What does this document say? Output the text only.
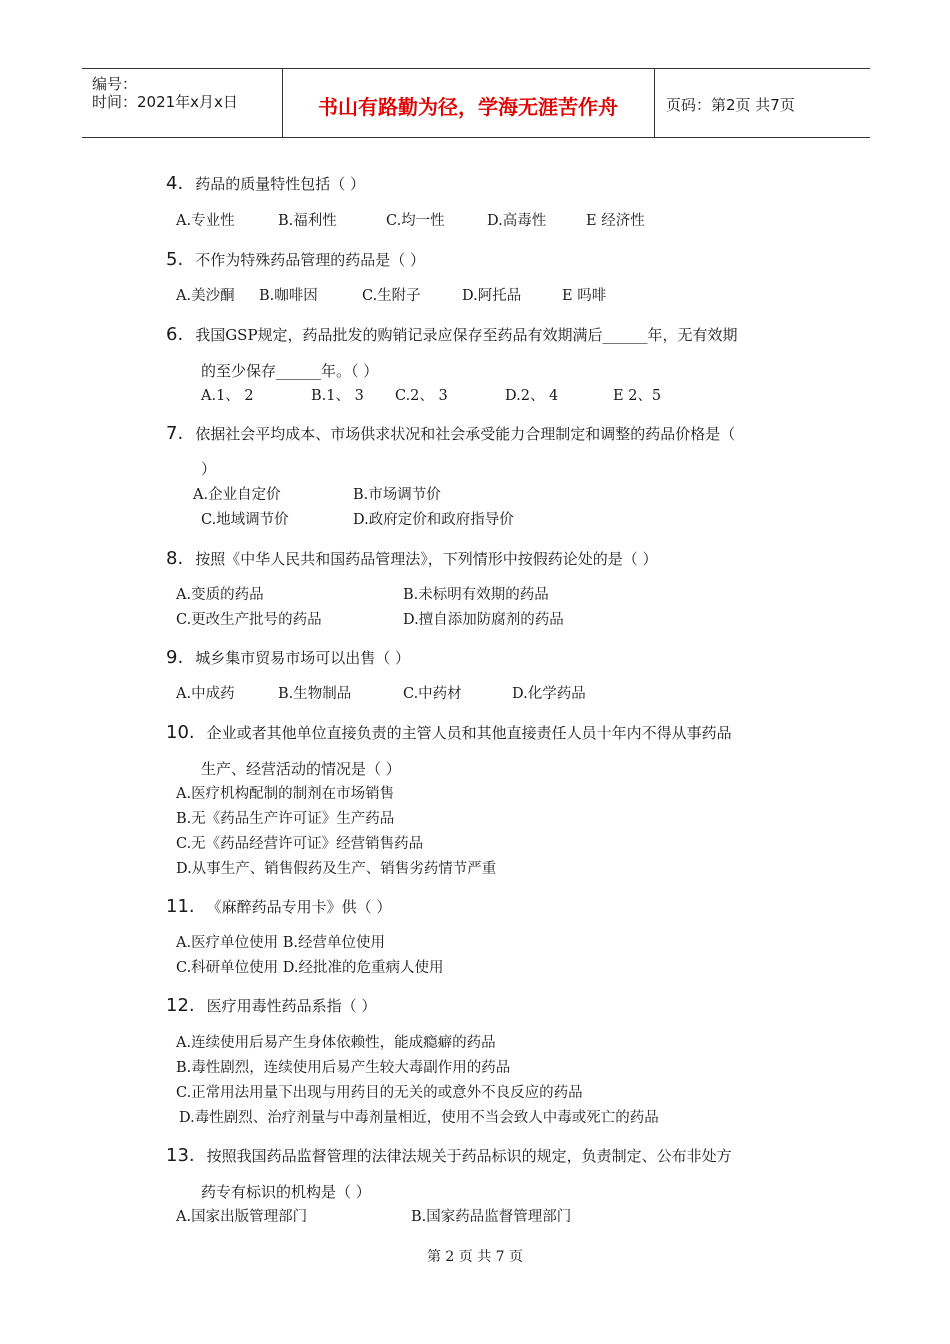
编号：
时间：2021年x月x日	书山有路勤为径，学海无涯苦作舟	页码：第2页 共7页
4. 药品的质量特性包括（ ）
A.专业性	B.福利性	C.均一性	D.高毒性	E 经济性
5. 不作为特殊药品管理的药品是（ ）
A.美沙酮 B.咖啡因	C.生附子	D.阿托品	E 吗啡
6. 我国GSP规定，药品批发的购销记录应保存至药品有效期满后______年，无有效期
的至少保存______年。（ ）
A.1、 2	B.1、 3 C.2、 3	D.2、 4	E 2、5
7. 依据社会平均成本、市场供求状况和社会承受能力合理制定和调整的药品价格是（
）
A.企业自定价	B.市场调节价
C.地域调节价	D.政府定价和政府指导价
8. 按照《中华人民共和国药品管理法》，下列情形中按假药论处的是（ ）
A.变质的药品	B.未标明有效期的药品
C.更改生产批号的药品	D.擅自添加防腐剂的药品
9. 城乡集市贸易市场可以出售（ ）
A.中成药	B.生物制品	C.中药材	D.化学药品
10. 企业或者其他单位直接负责的主管人员和其他直接责任人员十年内不得从事药品
生产、经营活动的情况是（ ）
A.医疗机构配制的制剂在市场销售
B.无《药品生产许可证》生产药品
C.无《药品经营许可证》经营销售药品
D.从事生产、销售假药及生产、销售劣药情节严重
11. 《麻醉药品专用卡》供（ ）
A.医疗单位使用 B.经营单位使用
C.科研单位使用 D.经批准的危重病人使用
12. 医疗用毒性药品系指（ ）
A.连续使用后易产生身体依赖性，能成瘾癖的药品
B.毒性剧烈，连续使用后易产生较大毒副作用的药品
C.正常用法用量下出现与用药目的无关的或意外不良反应的药品
D.毒性剧烈、治疗剂量与中毒剂量相近，使用不当会致人中毒或死亡的药品
13. 按照我国药品监督管理的法律法规关于药品标识的规定，负责制定、公布非处方
药专有标识的机构是（ ）
A.国家出版管理部门	B.国家药品监督管理部门
第 2 页 共 7 页
